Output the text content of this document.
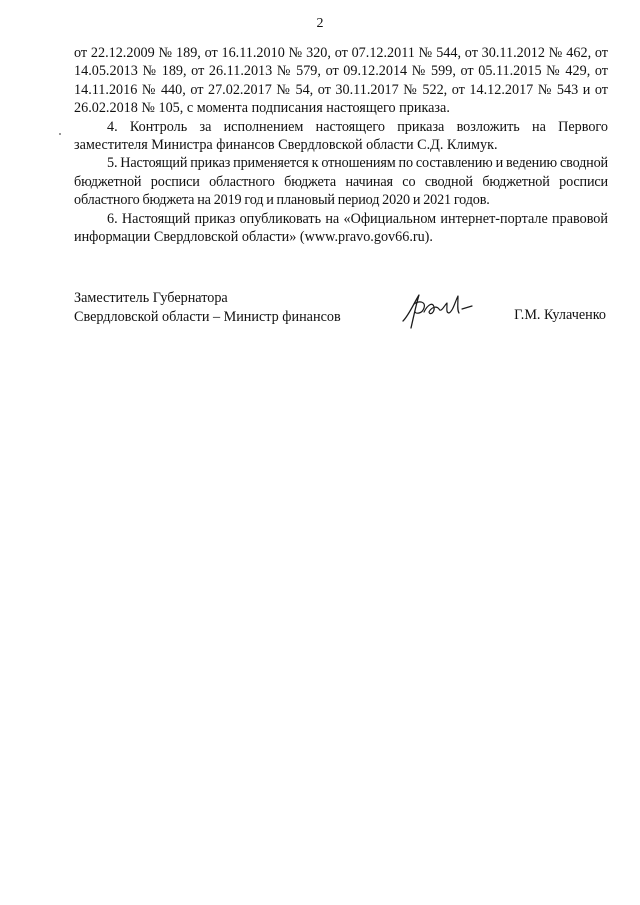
2

от 22.12.2009 № 189, от 16.11.2010 № 320, от 07.12.2011 № 544, от 30.11.2012 № 462, от 14.05.2013 № 189, от 26.11.2013 № 579, от 09.12.2014 № 599, от 05.11.2015 № 429, от 14.11.2016 № 440, от 27.02.2017 № 54, от 30.11.2017 № 522, от 14.12.2017 № 543 и от 26.02.2018 № 105, с момента подписания настоящего приказа.

4. Контроль за исполнением настоящего приказа возложить на Первого заместителя Министра финансов Свердловской области С.Д. Климук.

5. Настоящий приказ применяется к отношениям по составлению и ведению сводной бюджетной росписи областного бюджета начиная со сводной бюджетной росписи областного бюджета на 2019 год и плановый период 2020 и 2021 годов.

6. Настоящий приказ опубликовать на «Официальном интернет-портале правовой информации Свердловской области» (www.pravo.gov66.ru).

Заместитель Губернатора
Свердловской области – Министр финансов	Г.М. Кулаченко
